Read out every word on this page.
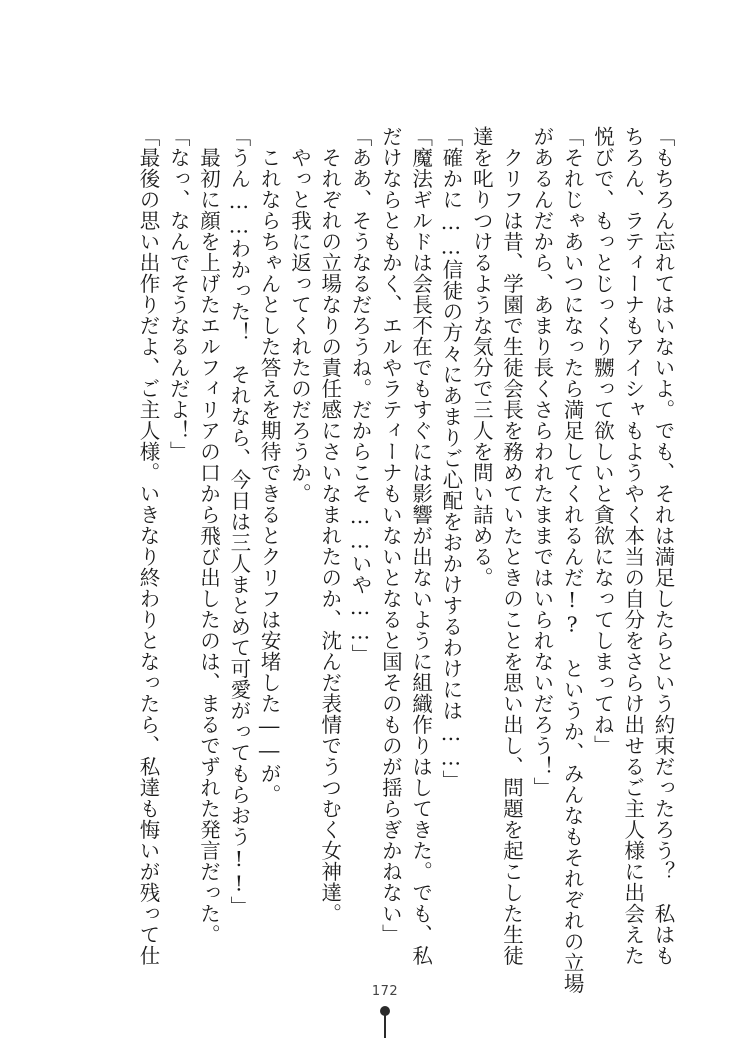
「もちろん忘れてはいないよ。でも、それは満足したらという約束だったろう？　私はも
ちろん、ラティーナもアイシャもようやく本当の自分をさらけ出せるご主人様に出会えた
悦びで、もっとじっくり嬲って欲しいと貪欲になってしまってね」
「それじゃあいつになったら満足してくれるんだ!?　というか、みんなもそれぞれの立場
があるんだから、あまり長くさらわれたままではいられないだろう！」
　クリフは昔、学園で生徒会長を務めていたときのことを思い出し、問題を起こした生徒
達を叱りつけるような気分で三人を問い詰める。
「確かに……信徒の方々にあまりご心配をおかけするわけには……」
「魔法ギルドは会長不在でもすぐには影響が出ないように組織作りはしてきた。でも、私
だけならともかく、エルやラティーナもいないとなると国そのものが揺らぎかねない」
「ああ、そうなるだろうね。だからこそ……いや……」
　それぞれの立場なりの責任感にさいなまれたのか、沈んだ表情でうつむく女神達。
　やっと我に返ってくれたのだろうか。
　これならちゃんとした答えを期待できるとクリフは安堵した――が。
「うん……わかった！　それなら、今日は三人まとめて可愛がってもらおう!!」
　最初に顔を上げたエルフィリアの口から飛び出したのは、まるでずれた発言だった。
「なっ、なんでそうなるんだよ！」
「最後の思い出作りだよ、ご主人様。いきなり終わりとなったら、私達も悔いが残って仕
172
